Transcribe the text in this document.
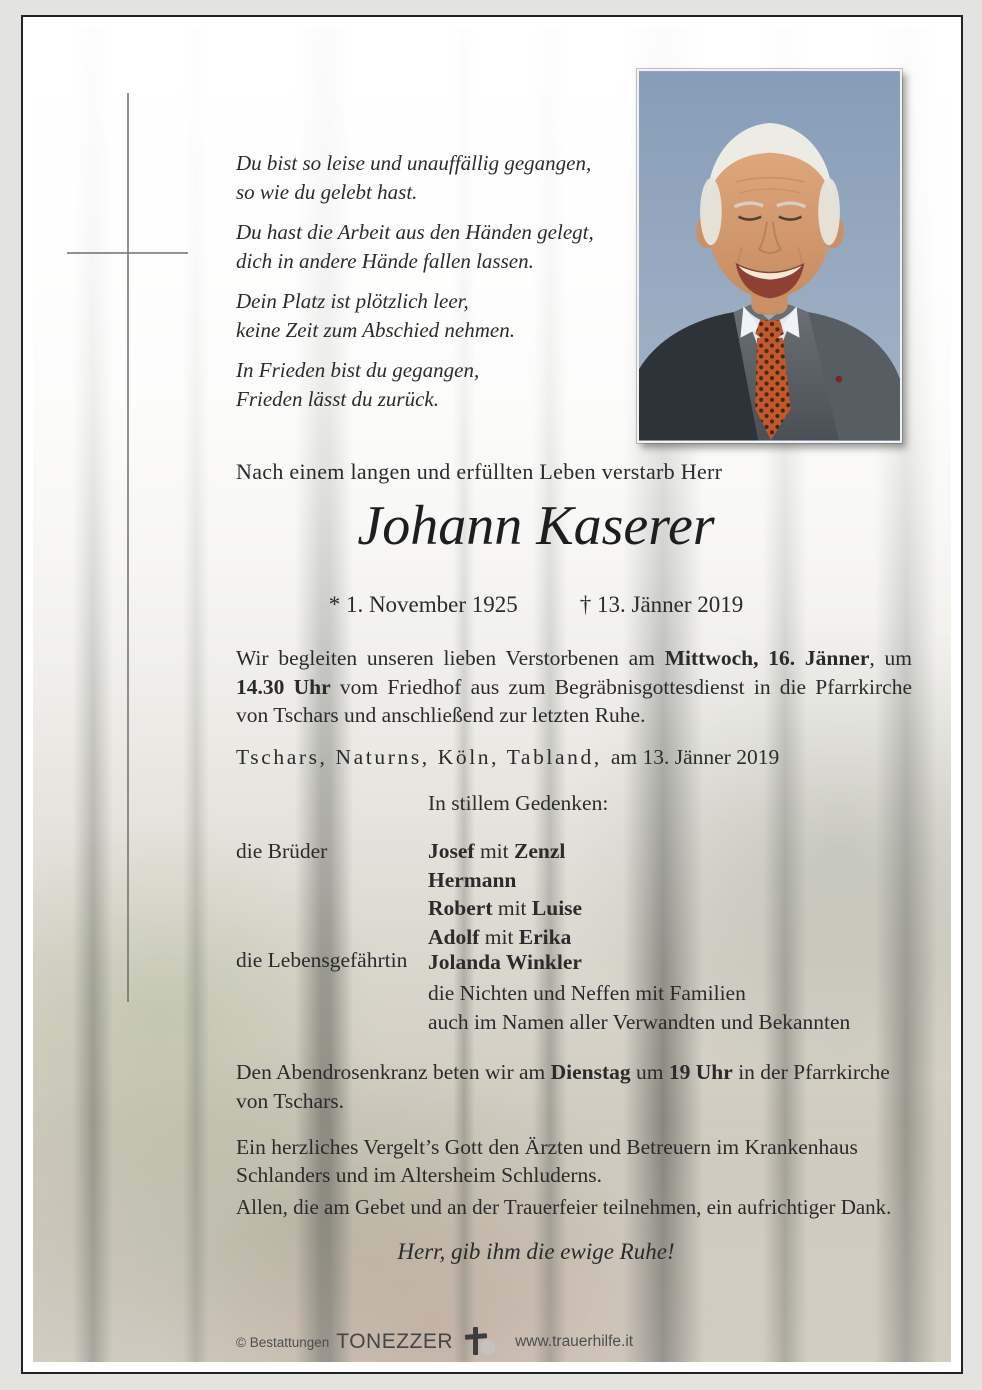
Du bist so leise und unauffällig gegangen,
so wie du gelebt hast.

Du hast die Arbeit aus den Händen gelegt,
dich in andere Hände fallen lassen.

Dein Platz ist plötzlich leer,
keine Zeit zum Abschied nehmen.

In Frieden bist du gegangen,
Frieden lässt du zurück.

Nach einem langen und erfüllten Leben verstarb Herr
Johann Kaserer
* 1. November 1925	† 13. Jänner 2019
Wir begleiten unseren lieben Verstorbenen am Mittwoch, 16. Jänner, um 14.30 Uhr vom Friedhof aus zum Begräbnisgottesdienst in die Pfarrkirche von Tschars und anschließend zur letzten Ruhe.
Tschars, Naturns, Köln, Tabland, am 13. Jänner 2019
In stillem Gedenken:
die Brüder	Josef mit Zenzl
Hermann
Robert mit Luise
Adolf mit Erika
die Lebensgefährtin Jolanda Winkler
die Nichten und Neffen mit Familien
auch im Namen aller Verwandten und Bekannten
Den Abendrosenkranz beten wir am Dienstag um 19 Uhr in der Pfarrkirche von Tschars.
Ein herzliches Vergelt’s Gott den Ärzten und Betreuern im Krankenhaus Schlanders und im Altersheim Schluderns.
Allen, die am Gebet und an der Trauerfeier teilnehmen, ein aufrichtiger Dank.
Herr, gib ihm die ewige Ruhe!
© Bestattungen TONEZZER	www.trauerhilfe.it
